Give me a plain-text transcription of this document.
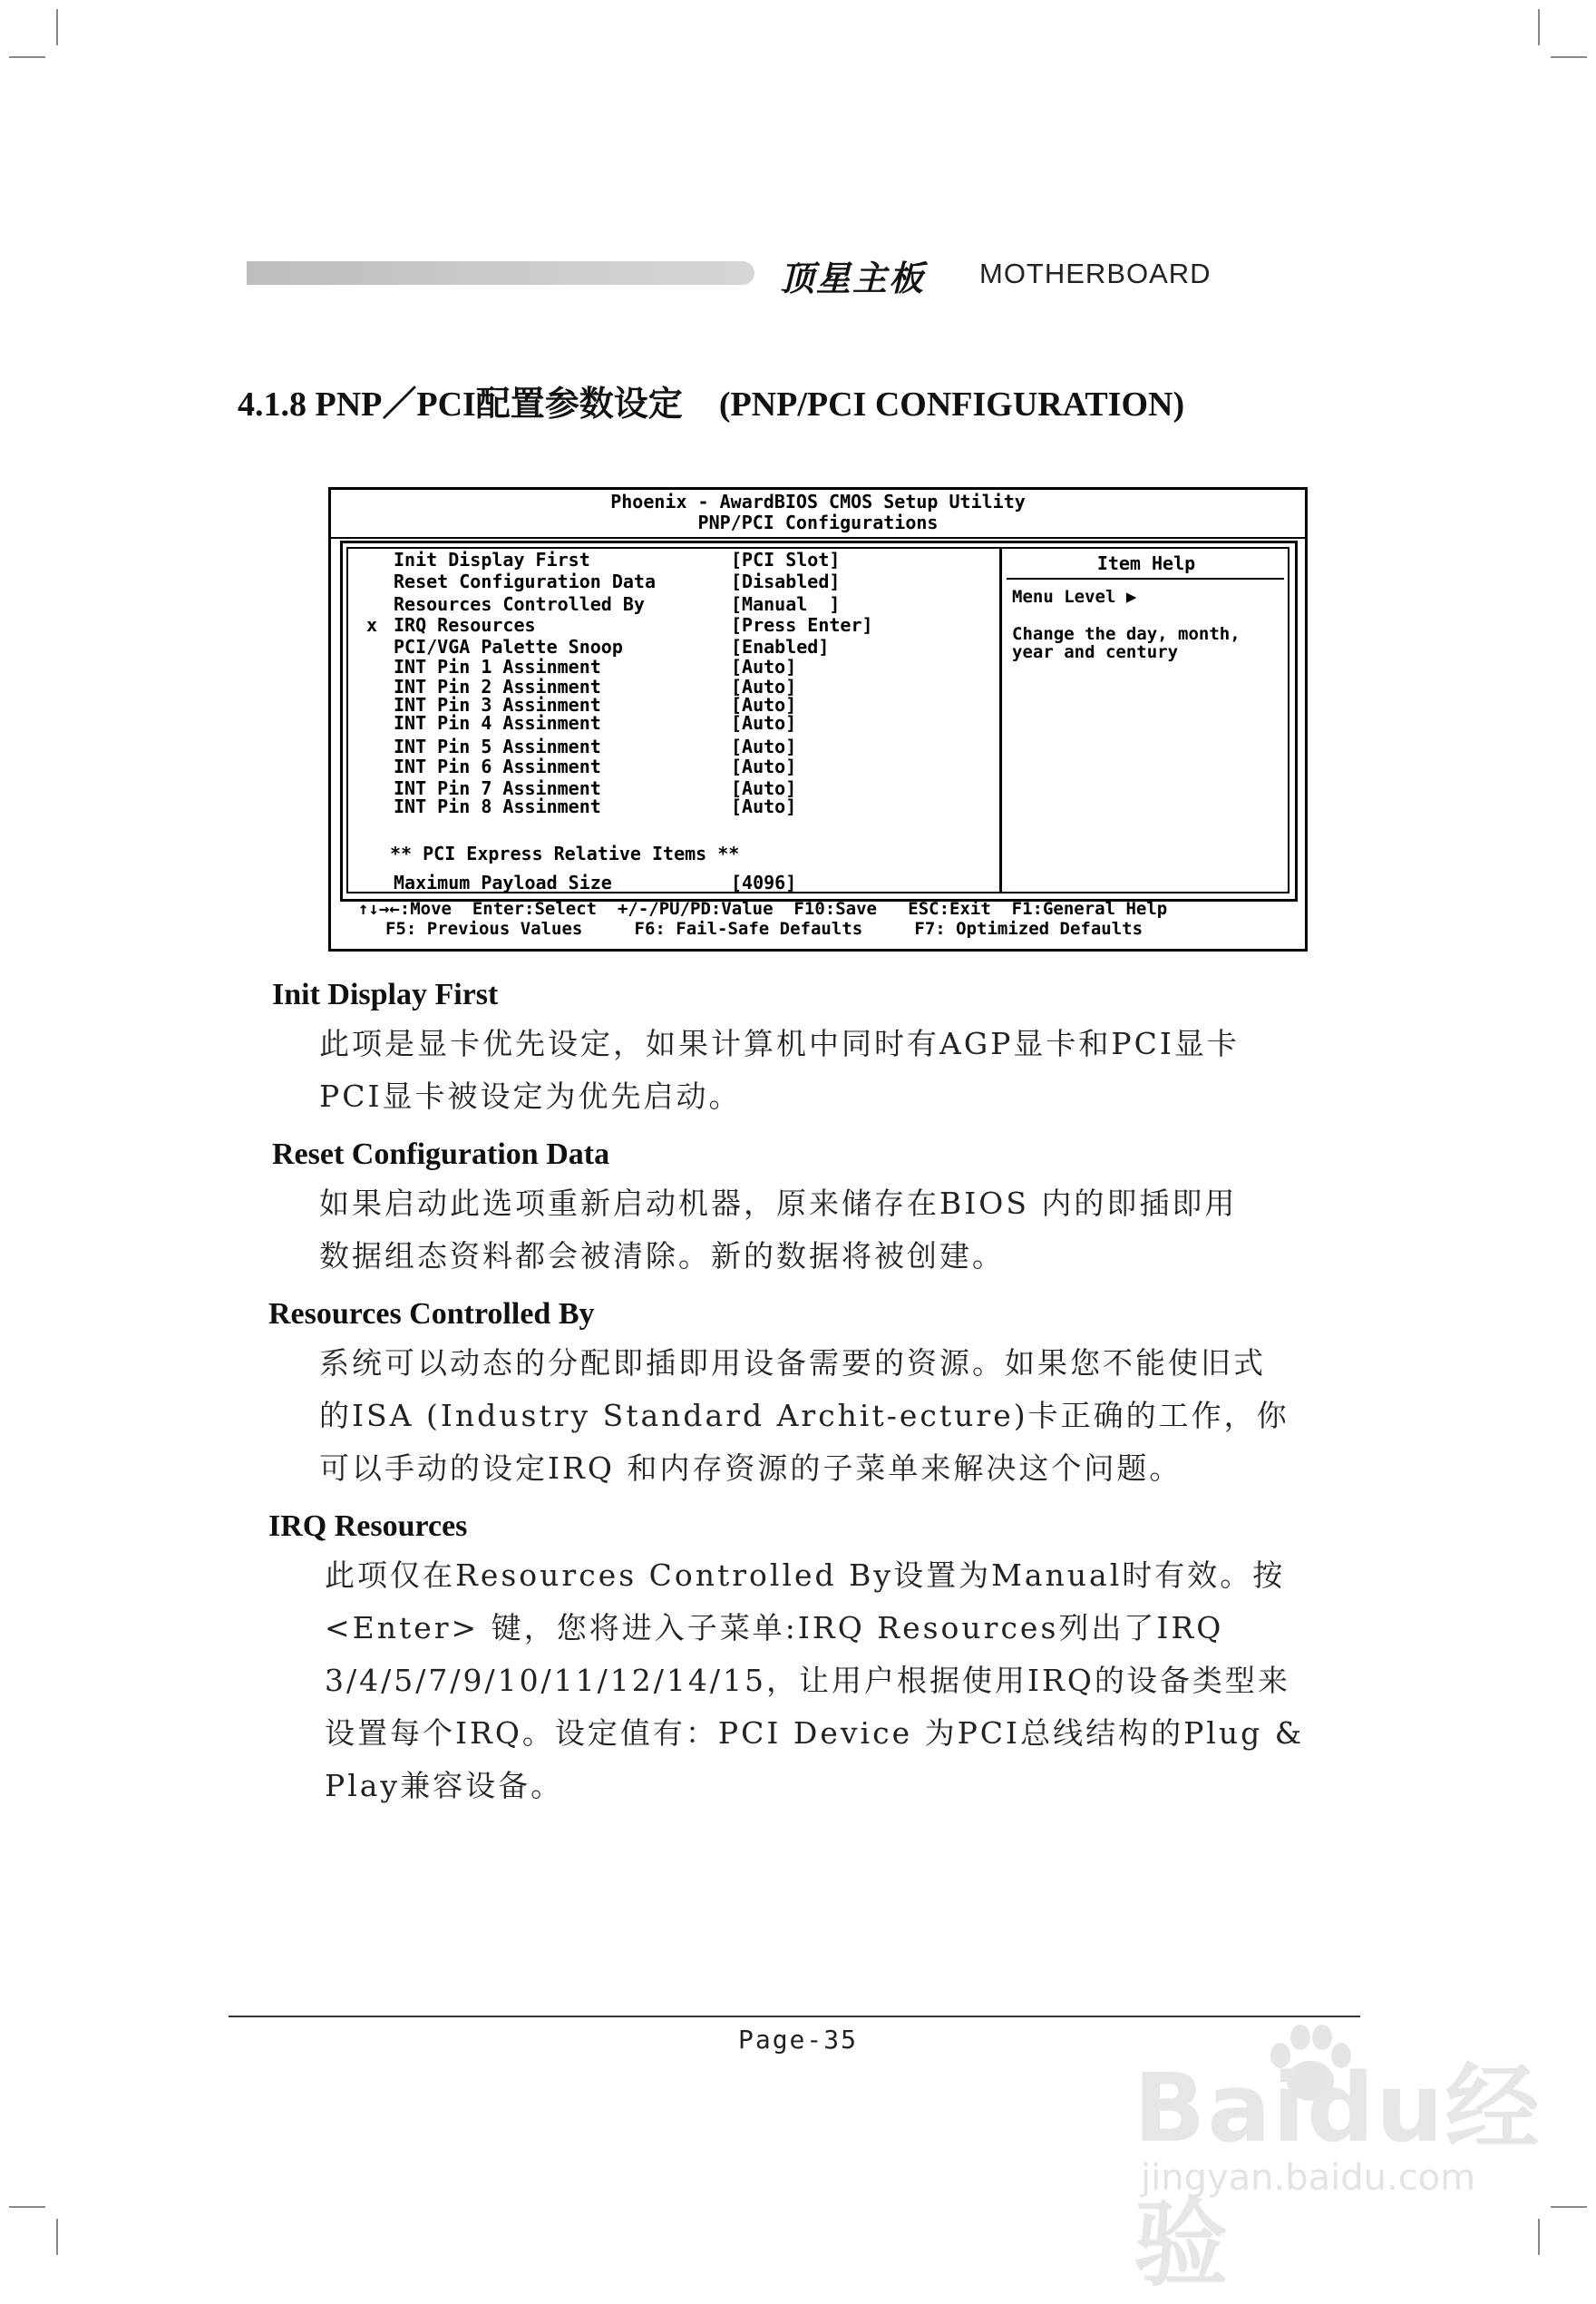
顶星主板 MOTHERBOARD
4.1.8 PNP／PCI配置参数设定 (PNP/PCI CONFIGURATION)
Phoenix - AwardBIOS CMOS Setup Utility
PNP/PCI Configurations
Init Display First	[PCI Slot]
Reset Configuration Data	[Disabled]
Resources Controlled By	[Manual  ]
x IRQ Resources	[Press Enter]
PCI/VGA Palette Snoop	[Enabled]
INT Pin 1 Assinment	[Auto]
INT Pin 2 Assinment	[Auto]
INT Pin 3 Assinment	[Auto]
INT Pin 4 Assinment	[Auto]
INT Pin 5 Assinment	[Auto]
INT Pin 6 Assinment	[Auto]
INT Pin 7 Assinment	[Auto]
INT Pin 8 Assinment	[Auto]
** PCI Express Relative Items **
Maximum Payload Size	[4096]
Item Help
Menu Level ▶
Change the day, month, year and century
↑↓→←:Move  Enter:Select  +/-/PU/PD:Value  F10:Save   ESC:Exit  F1:General Help
F5: Previous Values     F6: Fail-Safe Defaults     F7: Optimized Defaults
Init Display First
此项是显卡优先设定，如果计算机中同时有AGP显卡和PCI显卡
PCI显卡被设定为优先启动。
Reset Configuration Data
如果启动此选项重新启动机器，原来储存在BIOS 内的即插即用
数据组态资料都会被清除。新的数据将被创建。
Resources Controlled By
系统可以动态的分配即插即用设备需要的资源。如果您不能使旧式
的ISA (Industry Standard Archit-ecture)卡正确的工作，你
可以手动的设定IRQ 和内存资源的子菜单来解决这个问题。
IRQ Resources
此项仅在Resources Controlled By设置为Manual时有效。按
<Enter> 键，您将进入子菜单:IRQ Resources列出了IRQ
3/4/5/7/9/10/11/12/14/15，让用户根据使用IRQ的设备类型来
设置每个IRQ。设定值有：PCI Device 为PCI总线结构的Plug &
Play兼容设备。
Page-35
Baidu经验
jingyan.baidu.com
